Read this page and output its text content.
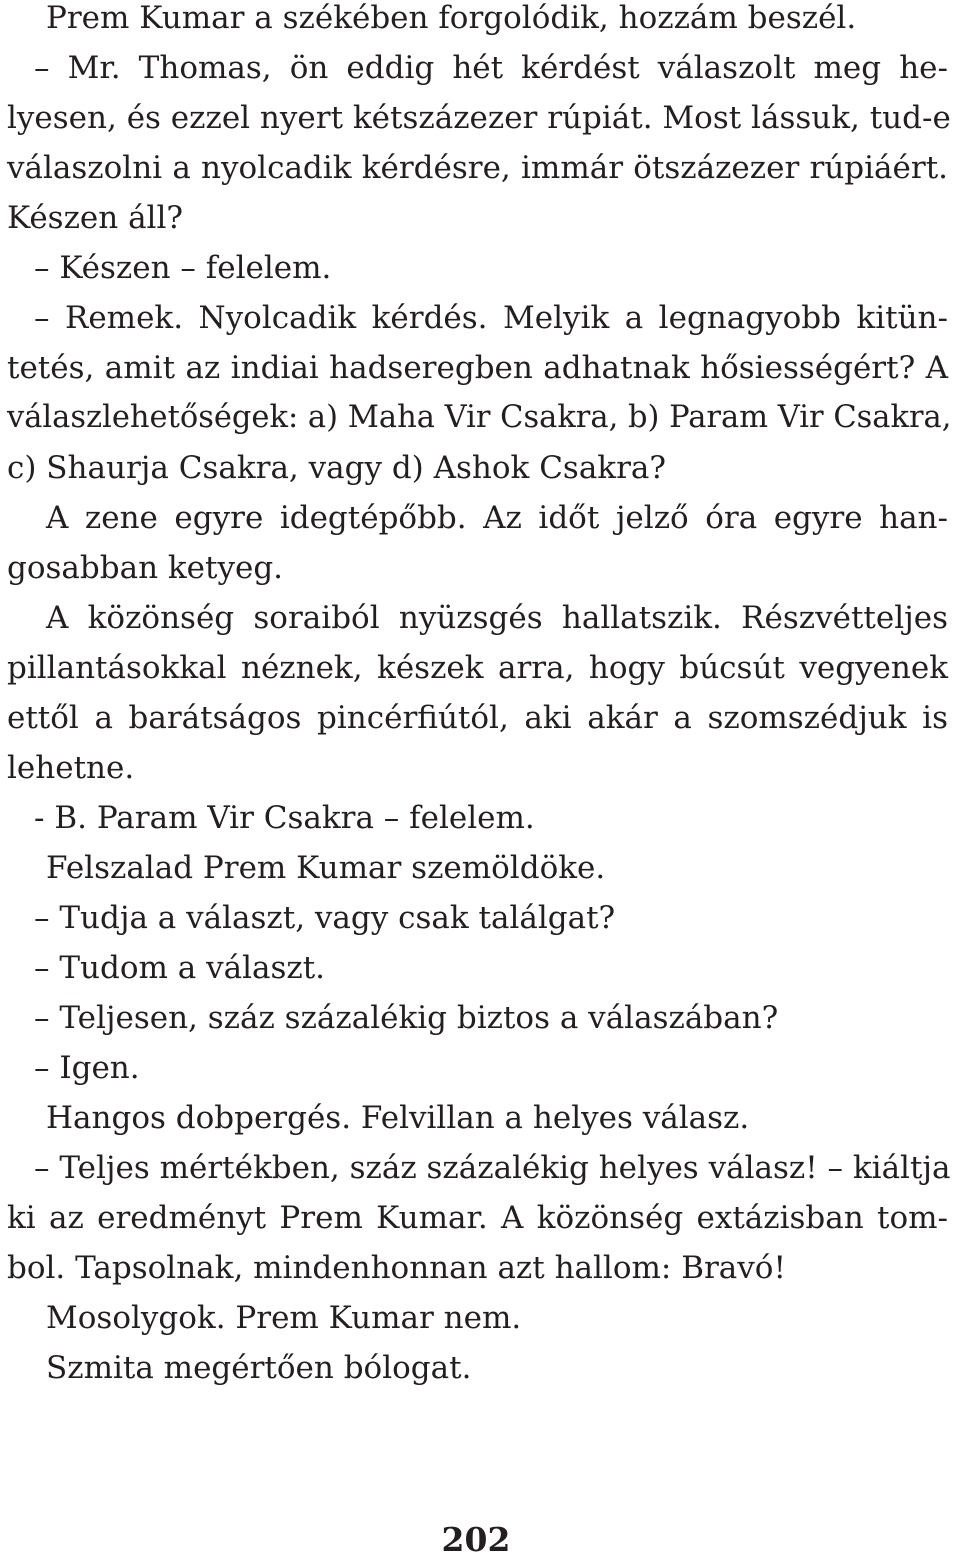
Prem Kumar a székében forgolódik, hozzám beszél.
– Mr. Thomas, ön eddig hét kérdést válaszolt meg he-
lyesen, és ezzel nyert kétszázezer rúpiát. Most lássuk, tud-e
válaszolni a nyolcadik kérdésre, immár ötszázezer rúpiáért.
Készen áll?
– Készen – felelem.
– Remek. Nyolcadik kérdés. Melyik a legnagyobb kitün-
tetés, amit az indiai hadseregben adhatnak hősiességért? A
válaszlehetőségek: a) Maha Vir Csakra, b) Param Vir Csakra,
c) Shaurja Csakra, vagy d) Ashok Csakra?
A zene egyre idegtépőbb. Az időt jelző óra egyre han-
gosabban ketyeg.
A közönség soraiból nyüzsgés hallatszik. Részvétteljes
pillantásokkal néznek, készek arra, hogy búcsút vegyenek
ettől a barátságos pincérfiútól, aki akár a szomszédjuk is
lehetne.
- B. Param Vir Csakra – felelem.
Felszalad Prem Kumar szemöldöke.
– Tudja a választ, vagy csak találgat?
– Tudom a választ.
– Teljesen, száz százalékig biztos a válaszában?
– Igen.
Hangos dobpergés. Felvillan a helyes válasz.
– Teljes mértékben, száz százalékig helyes válasz! – kiáltja
ki az eredményt Prem Kumar. A közönség extázisban tom-
bol. Tapsolnak, mindenhonnan azt hallom: Bravó!
Mosolygok. Prem Kumar nem.
Szmita megértően bólogat.
202
